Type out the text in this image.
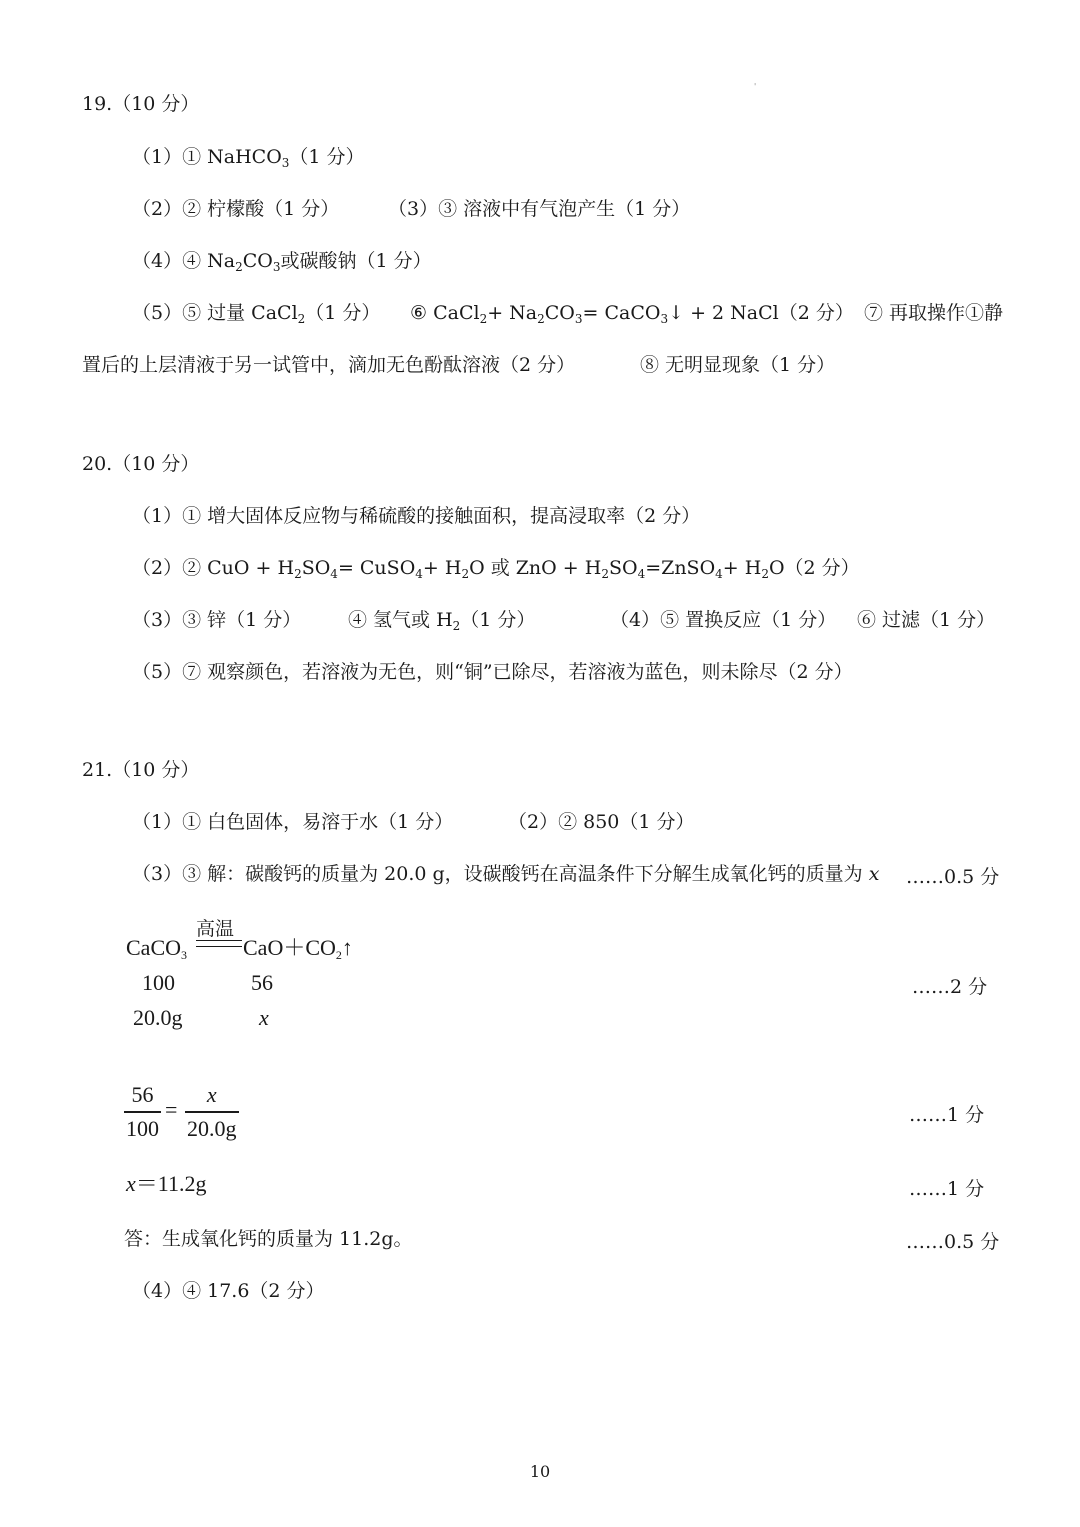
'
19.（10 分）
（1）① NaHCO$_3$（1 分）
（2）② 柠檬酸（1 分）	（3）③ 溶液中有气泡产生（1 分）
（4）④ $Na_2CO_3$或碳酸钠（1 分）
（5）⑤ 过量 CaCl$_2$（1 分） ⑥ CaCl$_2$+ $Na_2CO_3=$ CaCO$_3$↓ + 2 NaCl（2 分） ⑦ 再取操作①静
置后的上层清液于另一试管中，滴加无色酚酞溶液（2 分）	⑧ 无明显现象（1 分）
20.（10 分）
（1）① 增大固体反应物与稀硫酸的接触面积，提高浸取率（2 分）
（2）② CuO + $H_2SO_4=$ CuSO$_4$+ $H_2O$ 或 ZnO + $H_2SO_4=ZnSO_4+ H_2O(2$ 分）
（3）③ 锌（1 分） ④ 氢气或 $H_2(1$ 分）	（4）⑤ 置换反应（1 分） ⑥ 过滤（1 分）
（5）⑦ 观察颜色，若溶液为无色，则“铜”已除尽，若溶液为蓝色，则未除尽（2 分）
21.（10 分）
（1）① 白色固体，易溶于水（1 分）	（2）② 850（1 分）
（3）③ 解：碳酸钙的质量为 20.0 g，设碳酸钙在高温条件下分解生成氧化钙的质量为 x ……0.5 分
CaCO$_3$
高温
$CaO+CO_2↑$
100	56	……2 分
20.0g	x
56
100
=
x
20.0g
……1 分
x＝11.2g	……1 分
答：生成氧化钙的质量为 11.2g。	……0.5 分
（4）④ 17.6（2 分）
10
